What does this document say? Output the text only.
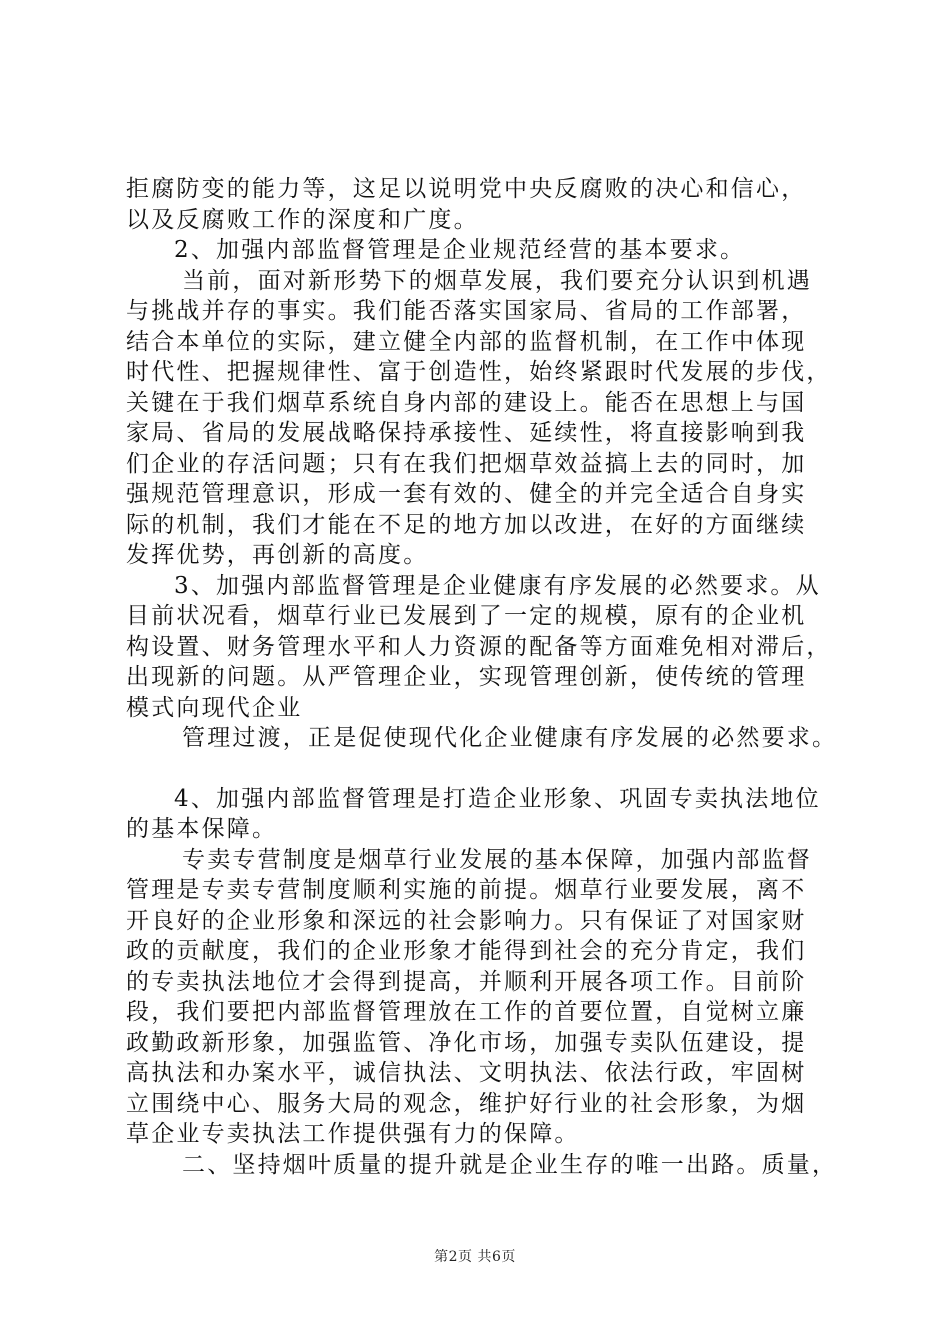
拒腐防变的能力等，这足以说明党中央反腐败的决心和信心，
以及反腐败工作的深度和广度。
2、加强内部监督管理是企业规范经营的基本要求。
当前，面对新形势下的烟草发展，我们要充分认识到机遇
与挑战并存的事实。我们能否落实国家局、省局的工作部署，
结合本单位的实际，建立健全内部的监督机制，在工作中体现
时代性、把握规律性、富于创造性，始终紧跟时代发展的步伐，
关键在于我们烟草系统自身内部的建设上。能否在思想上与国
家局、省局的发展战略保持承接性、延续性，将直接影响到我
们企业的存活问题；只有在我们把烟草效益搞上去的同时，加
强规范管理意识，形成一套有效的、健全的并完全适合自身实
际的机制，我们才能在不足的地方加以改进，在好的方面继续
发挥优势，再创新的高度。
3、加强内部监督管理是企业健康有序发展的必然要求。从
目前状况看，烟草行业已发展到了一定的规模，原有的企业机
构设置、财务管理水平和人力资源的配备等方面难免相对滞后，
出现新的问题。从严管理企业，实现管理创新，使传统的管理
模式向现代企业
管理过渡，正是促使现代化企业健康有序发展的必然要求。
4、加强内部监督管理是打造企业形象、巩固专卖执法地位
的基本保障。
专卖专营制度是烟草行业发展的基本保障，加强内部监督
管理是专卖专营制度顺利实施的前提。烟草行业要发展，离不
开良好的企业形象和深远的社会影响力。只有保证了对国家财
政的贡献度，我们的企业形象才能得到社会的充分肯定，我们
的专卖执法地位才会得到提高，并顺利开展各项工作。目前阶
段，我们要把内部监督管理放在工作的首要位置，自觉树立廉
政勤政新形象，加强监管、净化市场，加强专卖队伍建设，提
高执法和办案水平，诚信执法、文明执法、依法行政，牢固树
立围绕中心、服务大局的观念，维护好行业的社会形象，为烟
草企业专卖执法工作提供强有力的保障。
二、坚持烟叶质量的提升就是企业生存的唯一出路。质量，
第2页 共6页
